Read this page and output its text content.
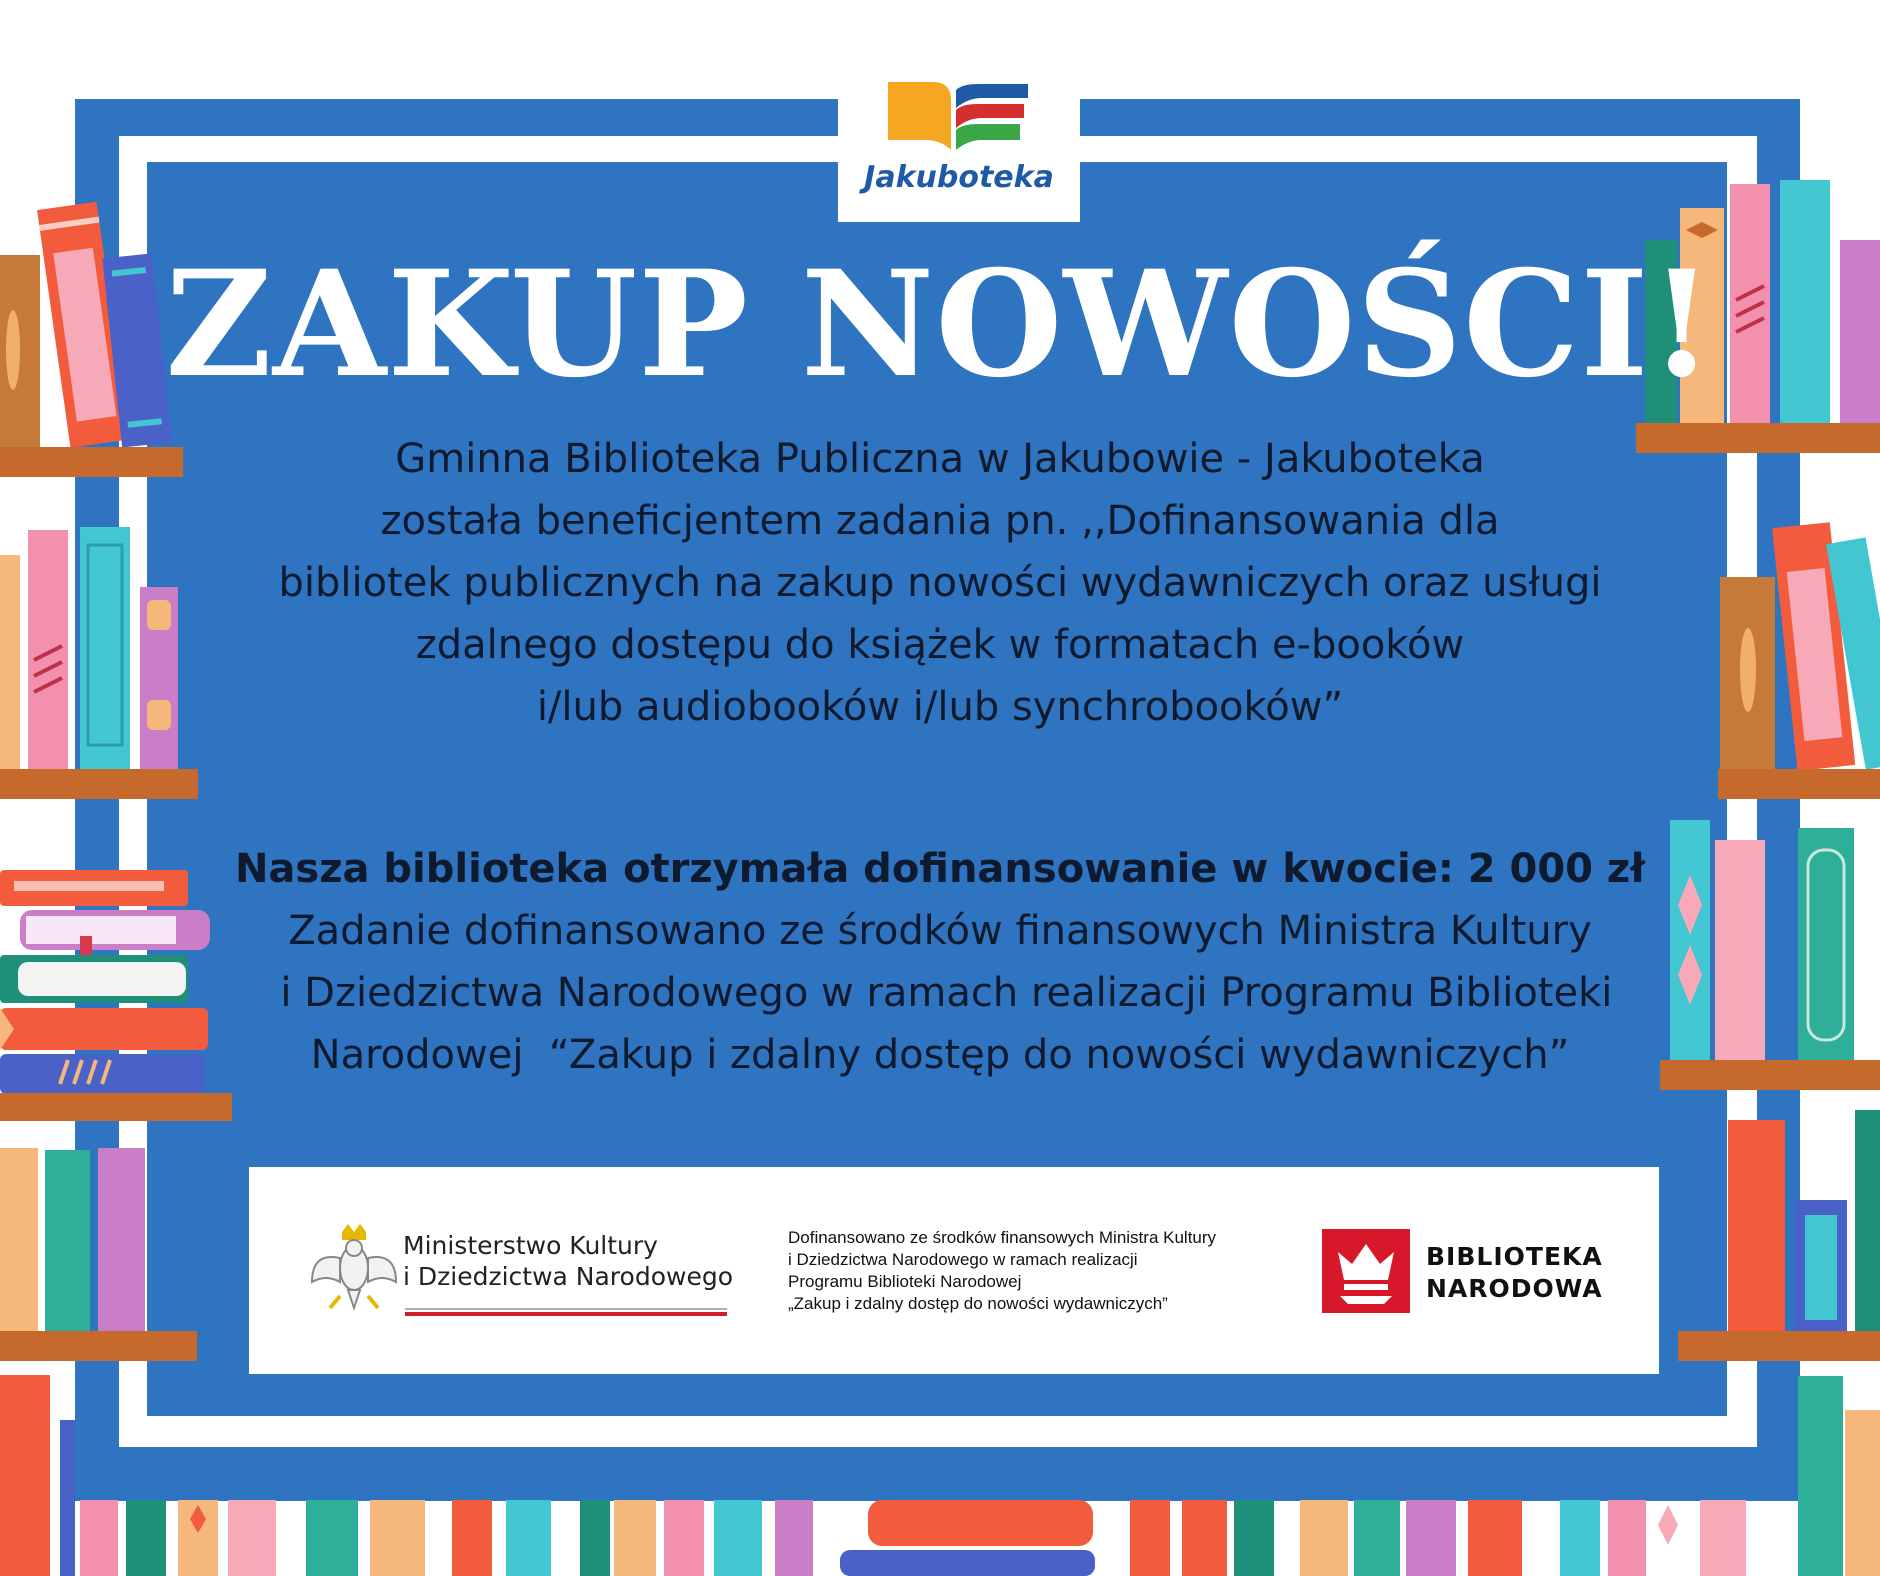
Jakuboteka
ZAKUP NOWOŚCI!
Gminna Biblioteka Publiczna w Jakubowie - Jakuboteka
została beneficjentem zadania pn. ,,Dofinansowania dla
bibliotek publicznych na zakup nowości wydawniczych oraz usługi
zdalnego dostępu do książek w formatach e-booków
i/lub audiobooków i/lub synchrobooków”
Nasza biblioteka otrzymała dofinansowanie w kwocie: 2 000 zł
Zadanie dofinansowano ze środków finansowych Ministra Kultury
i Dziedzictwa Narodowego w ramach realizacji Programu Biblioteki
Narodowej  “Zakup i zdalny dostęp do nowości wydawniczych”
Ministerstwo Kultury
i Dziedzictwa Narodowego
Dofinansowano ze środków finansowych Ministra Kultury
i Dziedzictwa Narodowego w ramach realizacji
Programu Biblioteki Narodowej
„Zakup i zdalny dostęp do nowości wydawniczych”
BIBLIOTEKA
NARODOWA
